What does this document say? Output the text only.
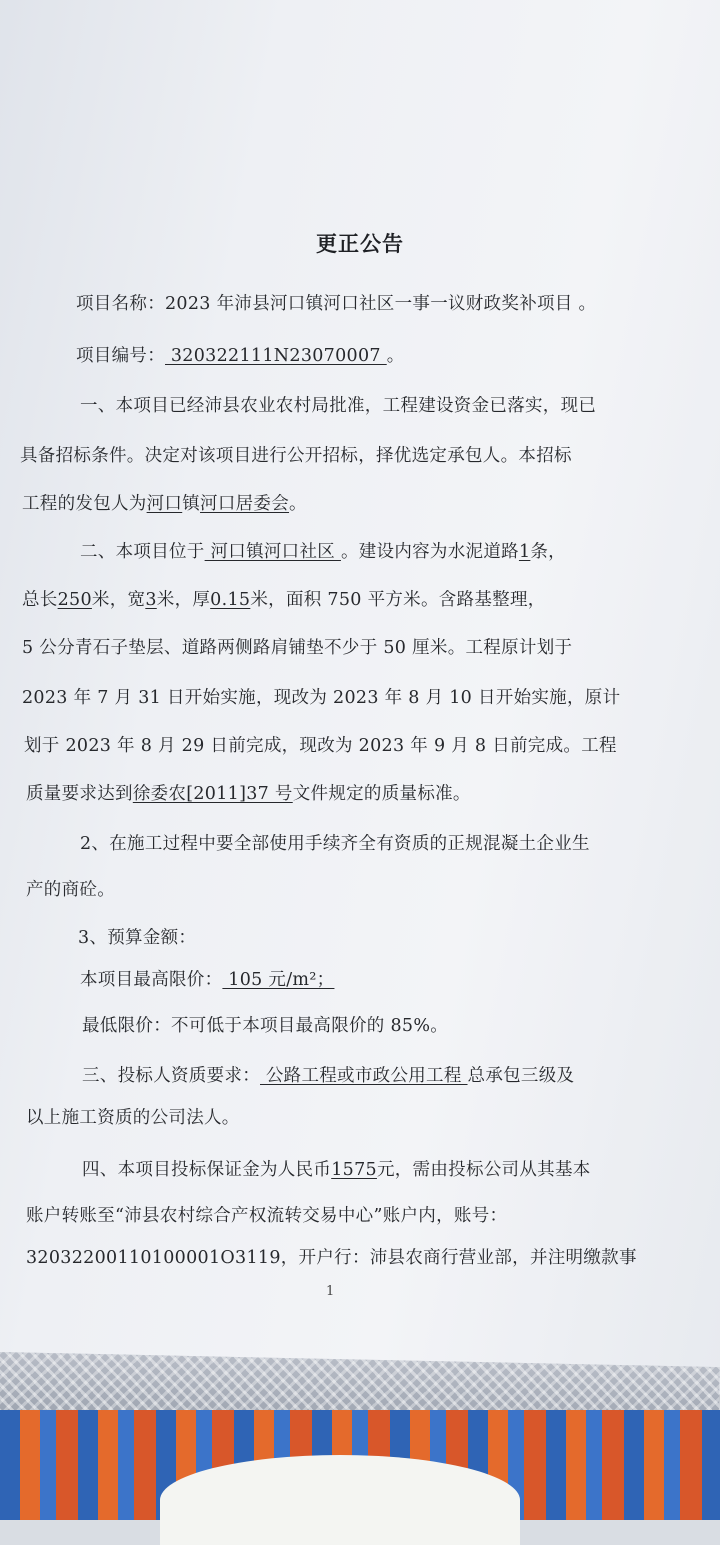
更正公告
项目名称：2023 年沛县河口镇河口社区一事一议财政奖补项目 。
项目编号： 320322111N23070007 。
一、本项目已经沛县农业农村局批准，工程建设资金已落实，现已
具备招标条件。决定对该项目进行公开招标，择优选定承包人。本招标
工程的发包人为河口镇河口居委会。
二、本项目位于 河口镇河口社区 。建设内容为水泥道路1条，
总长250米，宽3米，厚0.15米，面积 750 平方米。含路基整理，
5 公分青石子垫层、道路两侧路肩铺垫不少于 50 厘米。工程原计划于
2023 年 7 月 31 日开始实施，现改为 2023 年 8 月 10 日开始实施，原计
划于 2023 年 8 月 29 日前完成，现改为 2023 年 9 月 8 日前完成。工程
质量要求达到徐委农[2011]37 号文件规定的质量标准。
2、在施工过程中要全部使用手续齐全有资质的正规混凝土企业生
产的商砼。
3、预算金额：
本项目最高限价： 105 元/m²；
最低限价：不可低于本项目最高限价的 85%。
三、投标人资质要求： 公路工程或市政公用工程 总承包三级及
以上施工资质的公司法人。
四、本项目投标保证金为人民币1575元，需由投标公司从其基本
账户转账至“沛县农村综合产权流转交易中心”账户内，账号：
32032200110100001O3119，开户行：沛县农商行营业部，并注明缴款事
1
